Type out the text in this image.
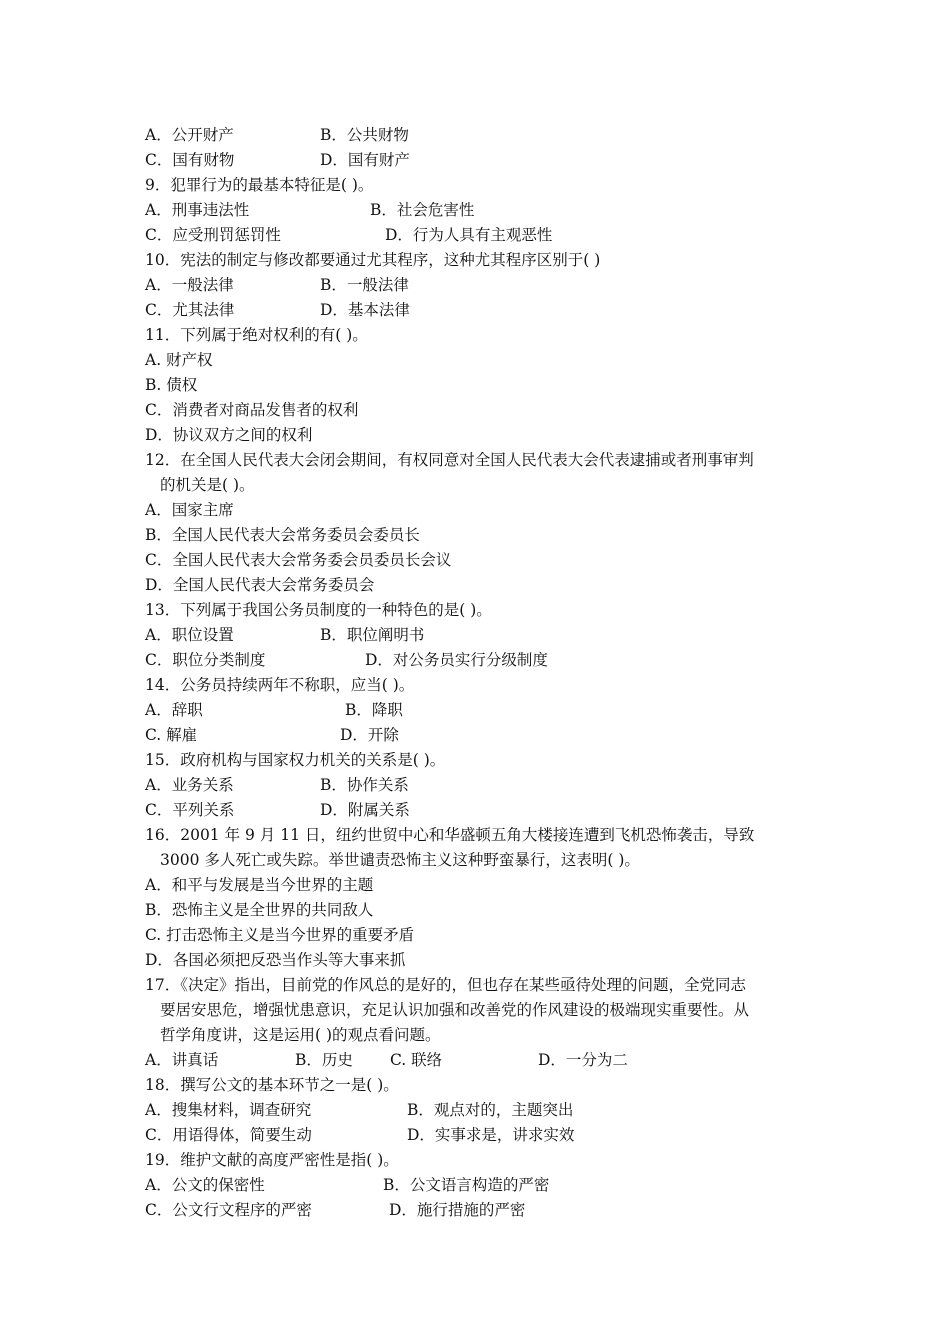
A．公开财产	B．公共财物
C．国有财物	D．国有财产
9．犯罪行为的最基本特征是( )。
A．刑事违法性	B．社会危害性
C．应受刑罚惩罚性	D．行为人具有主观恶性
10．宪法的制定与修改都要通过尤其程序，这种尤其程序区别于( )
A．一般法律	B．一般法律
C．尤其法律	D．基本法律
11．下列属于绝对权利的有( )。
A. 财产权
B. 债权
C．消费者对商品发售者的权利
D．协议双方之间的权利
12．在全国人民代表大会闭会期间，有权同意对全国人民代表大会代表逮捕或者刑事审判
的机关是( )。
A．国家主席
B．全国人民代表大会常务委员会委员长
C．全国人民代表大会常务委会员委员长会议
D．全国人民代表大会常务委员会
13．下列属于我国公务员制度的一种特色的是( )。
A．职位设置	B．职位阐明书
C．职位分类制度	D．对公务员实行分级制度
14．公务员持续两年不称职，应当( )。
A．辞职	B．降职
C. 解雇	D．开除
15．政府机构与国家权力机关的关系是( )。
A．业务关系	B．协作关系
C．平列关系	D．附属关系
16．2001 年 9 月 11 日，纽约世贸中心和华盛顿五角大楼接连遭到飞机恐怖袭击，导致
3000 多人死亡或失踪。举世谴责恐怖主义这种野蛮暴行，这表明( )。
A．和平与发展是当今世界的主题
B．恐怖主义是全世界的共同敌人
C. 打击恐怖主义是当今世界的重要矛盾
D．各国必须把反恐当作头等大事来抓
17．《决定》指出，目前党的作风总的是好的，但也存在某些亟待处理的问题，全党同志
要居安思危，增强忧患意识，充足认识加强和改善党的作风建设的极端现实重要性。从
哲学角度讲，这是运用( )的观点看问题。
A．讲真话	B．历史 C. 联络	D．一分为二
18．撰写公文的基本环节之一是( )。
A．搜集材料，调查研究	B．观点对的，主题突出
C．用语得体，简要生动	D．实事求是，讲求实效
19．维护文献的高度严密性是指( )。
A．公文的保密性	B．公文语言构造的严密
C．公文行文程序的严密	D．施行措施的严密
